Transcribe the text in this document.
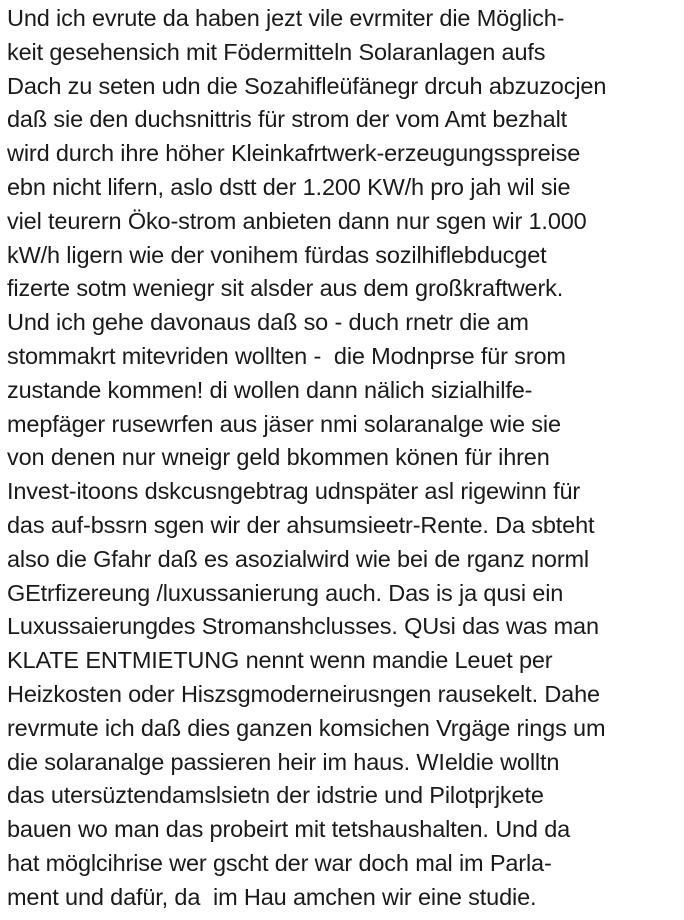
Und ich evrute da haben jezt vile evrmiter die Möglich-
keit gesehensich mit Födermitteln Solaranlagen aufs
Dach zu seten udn die Sozahifleüfänegr drcuh abzuzocjen
daß sie den duchsnittris für strom der vom Amt bezhalt
wird durch ihre höher Kleinkafrtwerk-erzeugungsspreise
ebn nicht lifern, aslo dstt der 1.200 KW/h pro jah wil sie
viel teurern Öko-strom anbieten dann nur sgen wir 1.000
kW/h ligern wie der vonihem fürdas sozilhiflebducget
fizerte sotm weniegr sit alsder aus dem großkraftwerk.
Und ich gehe davonaus daß so - duch rnetr die am
stommakrt mitevriden wollten -  die Modnprse für srom
zustande kommen! di wollen dann nälich sizialhilfe-
mepfäger rusewrfen aus jäser nmi solaranalge wie sie
von denen nur wneigr geld bkommen könen für ihren
Invest-itoons dskcusngebtrag udnspäter asl rigewinn für
das auf-bssrn sgen wir der ahsumsieetr-Rente. Da sbteht
also die Gfahr daß es asozialwird wie bei de rganz norml
GEtrfizereung /luxussanierung auch. Das is ja qusi ein
Luxussaierungdes Stromanshclusses. QUsi das was man
KLATE ENTMIETUNG nennt wenn mandie Leuet per
Heizkosten oder Hiszsgmoderneirusngen rausekelt. Dahe
revrmute ich daß dies ganzen komsichen Vrgäge rings um
die solaranalge passieren heir im haus. WIeldie wolltn
das utersüztendamslsietn der idstrie und Pilotprjkete
bauen wo man das probeirt mit tetshaushalten. Und da
hat möglcihrise wer gscht der war doch mal im Parla-
ment und dafür, da  im Hau amchen wir eine studie.
